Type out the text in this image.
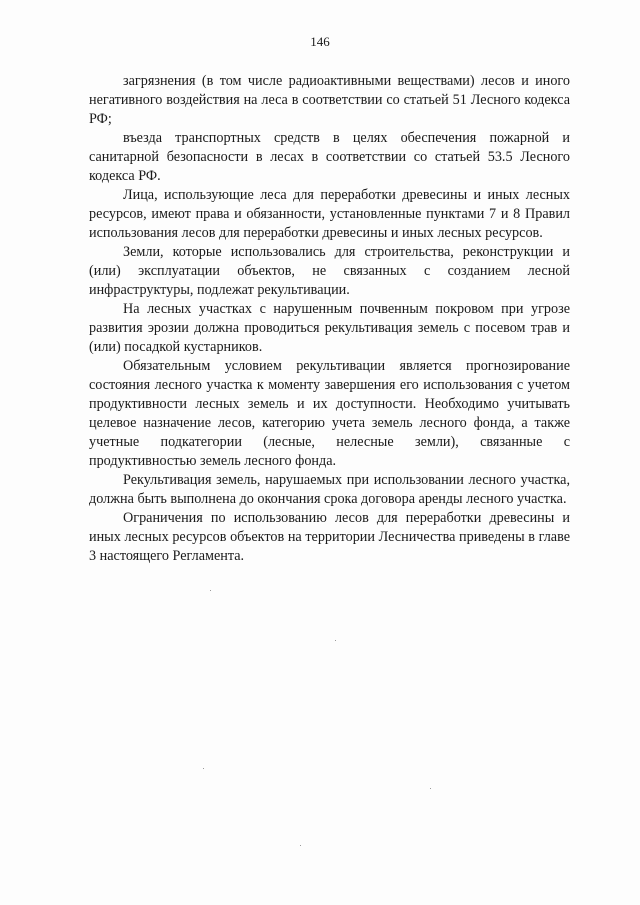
146

загрязнения (в том числе радиоактивными веществами) лесов и иного негативного воздействия на леса в соответствии со статьей 51 Лесного кодекса РФ;

въезда транспортных средств в целях обеспечения пожарной и санитарной безопасности в лесах в соответствии со статьей 53.5 Лесного кодекса РФ.

Лица, использующие леса для переработки древесины и иных лесных ресурсов, имеют права и обязанности, установленные пунктами 7 и 8 Правил использования лесов для переработки древесины и иных лесных ресурсов.

Земли, которые использовались для строительства, реконструкции и (или) эксплуатации объектов, не связанных с созданием лесной инфраструктуры, подлежат рекультивации.

На лесных участках с нарушенным почвенным покровом при угрозе развития эрозии должна проводиться рекультивация земель с посевом трав и (или) посадкой кустарников.

Обязательным условием рекультивации является прогнозирование состояния лесного участка к моменту завершения его использования с учетом продуктивности лесных земель и их доступности. Необходимо учитывать целевое назначение лесов, категорию учета земель лесного фонда, а также учетные подкатегории (лесные, нелесные земли), связанные с продуктивностью земель лесного фонда.

Рекультивация земель, нарушаемых при использовании лесного участка, должна быть выполнена до окончания срока договора аренды лесного участка.

Ограничения по использованию лесов для переработки древесины и иных лесных ресурсов объектов на территории Лесничества приведены в главе 3 настоящего Регламента.
